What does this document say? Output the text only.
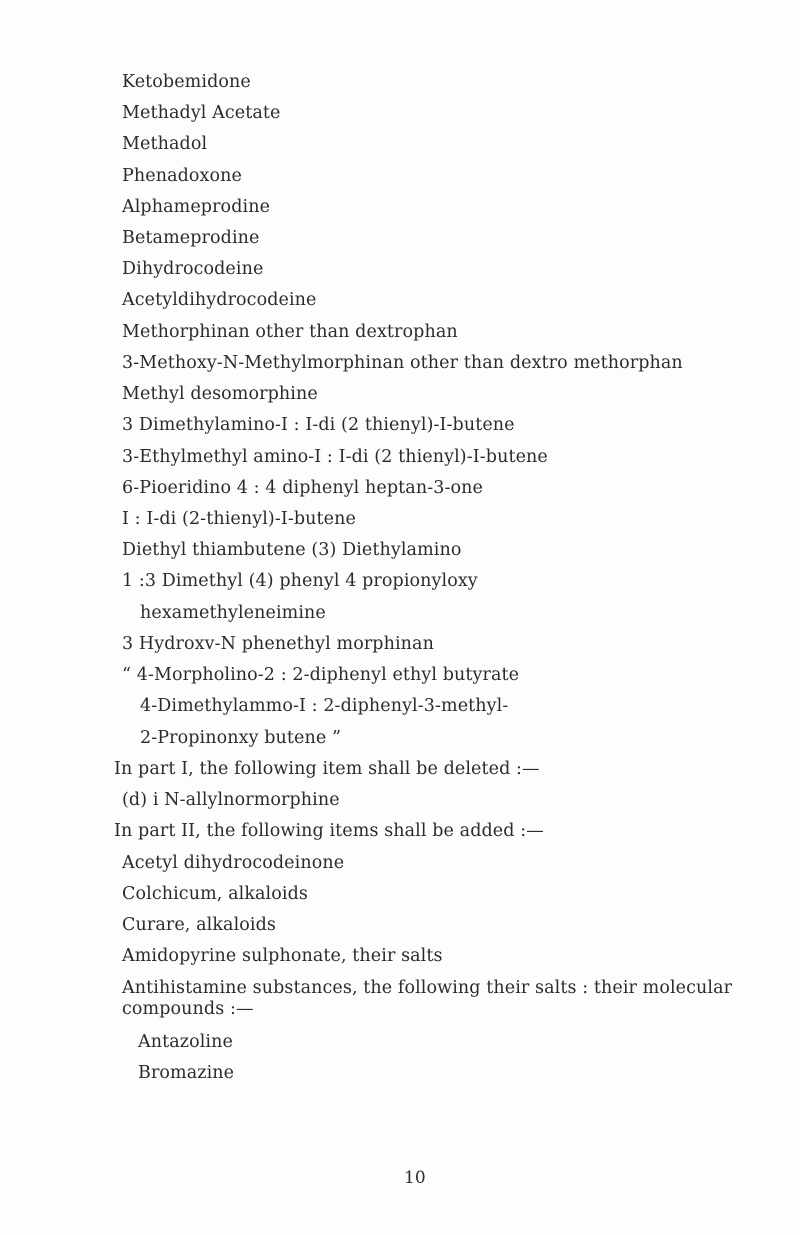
Ketobemidone
Methadyl Acetate
Methadol
Phenadoxone
Alphameprodine
Betameprodine
Dihydrocodeine
Acetyldihydrocodeine
Methorphinan other than dextrophan
3-Methoxy-N-Methylmorphinan other than dextro methorphan
Methyl desomorphine
3 Dimethylamino-I : I-di (2 thienyl)-I-butene
3-Ethylmethyl amino-I : I-di (2 thienyl)-I-butene
6-Pioeridino 4 : 4 diphenyl heptan-3-one
I : I-di (2-thienyl)-I-butene
Diethyl thiambutene (3) Diethylamino
1 :3 Dimethyl (4) phenyl 4 propionyloxy
hexamethyleneimine
3 Hydroxv-N phenethyl morphinan
“ 4-Morpholino-2 : 2-diphenyl ethyl butyrate
4-Dimethylammo-I : 2-diphenyl-3-methyl-
2-Propinonxy butene ”
In part I, the following item shall be deleted :—
(d) i N-allylnormorphine
In part II, the following items shall be added :—
Acetyl dihydrocodeinone
Colchicum, alkaloids
Curare, alkaloids
Amidopyrine sulphonate, their salts
Antihistamine substances, the following their salts : their molecular
compounds :—
Antazoline
Bromazine
10
